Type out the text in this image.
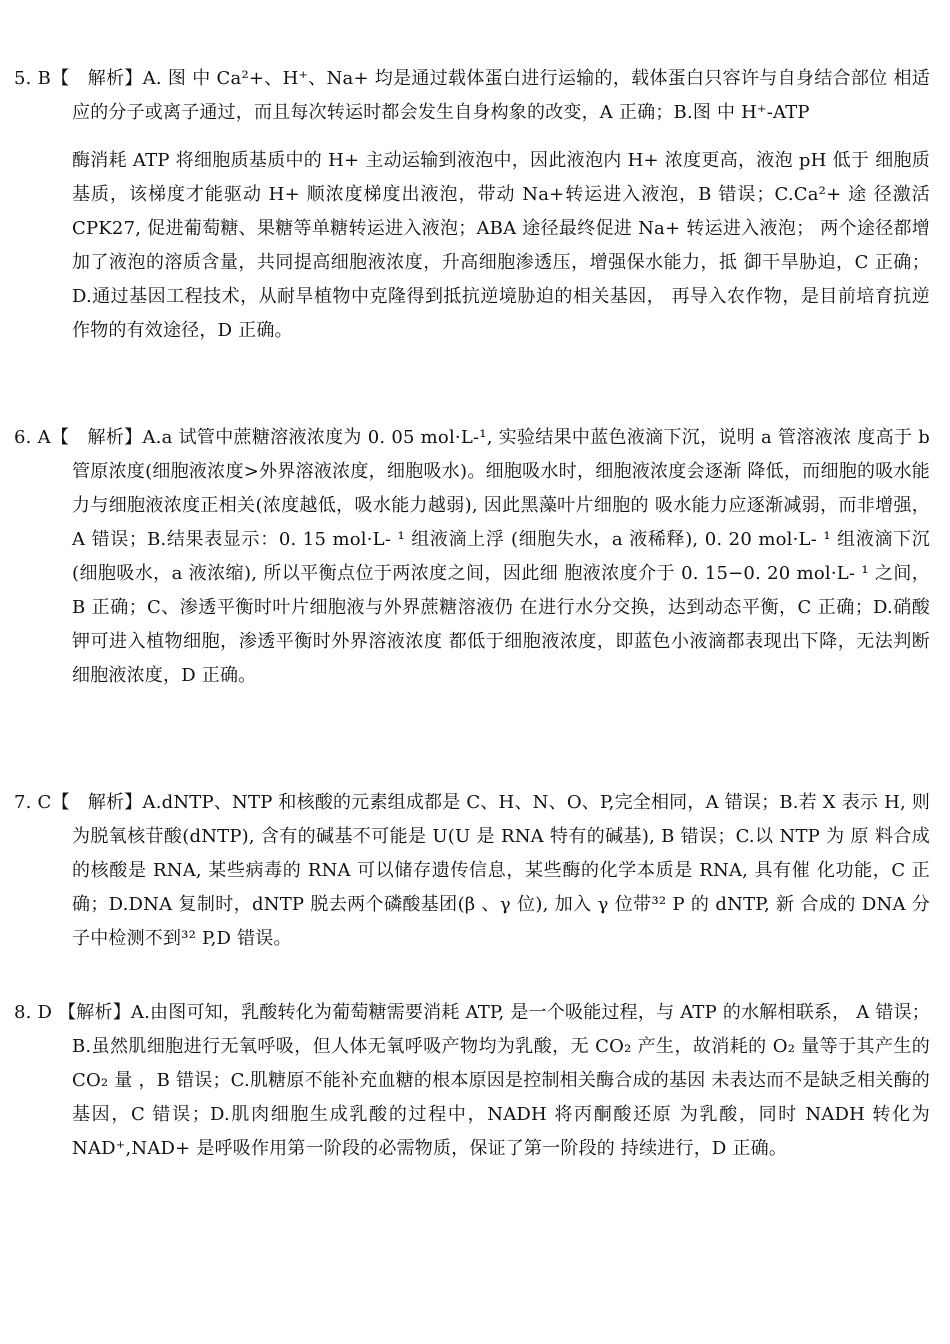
5. B【　解析】A. 图 中 Ca²+、H⁺、Na+ 均是通过载体蛋白进行运输的，载体蛋白只容许与自身结合部位 相适应的分子或离子通过，而且每次转运时都会发生自身构象的改变，A 正确；B.图 中 H⁺-ATP

酶消耗 ATP 将细胞质基质中的 H+ 主动运输到液泡中，因此液泡内 H+ 浓度更高，液泡 pH 低于 细胞质基质，该梯度才能驱动 H+ 顺浓度梯度出液泡，带动 Na+转运进入液泡，B 错误；C.Ca²+ 途 径激活 CPK27, 促进葡萄糖、果糖等单糖转运进入液泡；ABA 途径最终促进 Na+ 转运进入液泡； 两个途径都增加了液泡的溶质含量，共同提高细胞液浓度，升高细胞渗透压，增强保水能力，抵 御干旱胁迫，C 正确；D.通过基因工程技术，从耐旱植物中克隆得到抵抗逆境胁迫的相关基因， 再导入农作物，是目前培育抗逆作物的有效途径，D 正确。

6. A【　解析】A.a 试管中蔗糖溶液浓度为 0. 05 mol·L-¹, 实验结果中蓝色液滴下沉，说明 a 管溶液浓 度高于 b 管原浓度(细胞液浓度>外界溶液浓度，细胞吸水)。细胞吸水时，细胞液浓度会逐渐 降低，而细胞的吸水能力与细胞液浓度正相关(浓度越低，吸水能力越弱), 因此黑藻叶片细胞的 吸水能力应逐渐减弱，而非增强，A 错误；B.结果表显示：0. 15 mol·L- ¹ 组液滴上浮 (细胞失水，a 液稀释), 0. 20 mol·L- ¹ 组液滴下沉(细胞吸水，a 液浓缩), 所以平衡点位于两浓度之间，因此细 胞液浓度介于 0. 15−0. 20 mol·L- ¹ 之间，B 正确；C、渗透平衡时叶片细胞液与外界蔗糖溶液仍 在进行水分交换，达到动态平衡，C 正确；D.硝酸钾可进入植物细胞，渗透平衡时外界溶液浓度 都低于细胞液浓度，即蓝色小液滴都表现出下降，无法判断细胞液浓度，D 正确。

7. C【　解析】A.dNTP、NTP 和核酸的元素组成都是 C、H、N、O、P,完全相同，A 错误；B.若 X 表示 H, 则 为脱氧核苷酸(dNTP), 含有的碱基不可能是 U(U 是 RNA 特有的碱基), B 错误；C.以 NTP 为 原 料合成的核酸是 RNA, 某些病毒的 RNA 可以储存遗传信息，某些酶的化学本质是 RNA, 具有催 化功能，C 正确；D.DNA 复制时，dNTP 脱去两个磷酸基团(β 、γ 位), 加入 γ 位带³² P 的 dNTP, 新 合成的 DNA 分子中检测不到³² P,D 错误。

8. D 【解析】A.由图可知，乳酸转化为葡萄糖需要消耗 ATP, 是一个吸能过程，与 ATP 的水解相联系， A 错误；B.虽然肌细胞进行无氧呼吸，但人体无氧呼吸产物均为乳酸，无 CO₂ 产生，故消耗的 O₂ 量等于其产生的 CO₂ 量 ，B 错误；C.肌糖原不能补充血糖的根本原因是控制相关酶合成的基因 未表达而不是缺乏相关酶的基因，C 错误；D.肌肉细胞生成乳酸的过程中，NADH 将丙酮酸还原 为乳酸，同时 NADH 转化为 NAD⁺,NAD+ 是呼吸作用第一阶段的必需物质，保证了第一阶段的 持续进行，D 正确。
